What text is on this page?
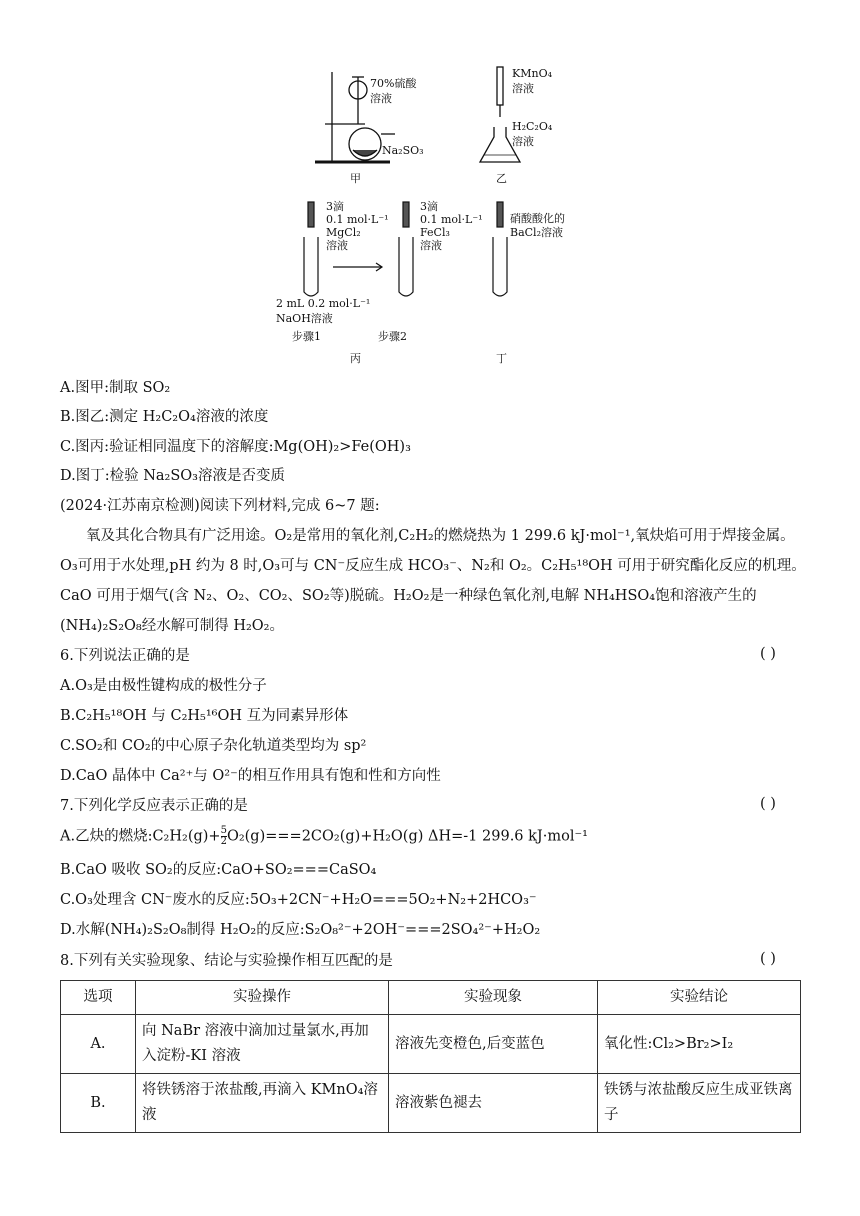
70%硫酸
溶液
Na₂SO₃
甲
KMnO₄
溶液
H₂C₂O₄
溶液
乙
3滴
0.1 mol·L⁻¹
MgCl₂
溶液
3滴
0.1 mol·L⁻¹
FeCl₃
溶液
2 mL 0.2 mol·L⁻¹
NaOH溶液
步骤1	步骤2
丙
硝酸酸化的
BaCl₂溶液
丁
A.图甲:制取 SO₂
B.图乙:测定 H₂C₂O₄溶液的浓度
C.图丙:验证相同温度下的溶解度:Mg(OH)₂>Fe(OH)₃
D.图丁:检验 Na₂SO₃溶液是否变质
(2024·江苏南京检测)阅读下列材料,完成 6~7 题:
氧及其化合物具有广泛用途。O₂是常用的氧化剂,C₂H₂的燃烧热为 1 299.6 kJ·mol⁻¹,氧炔焰可用于焊接金属。
O₃可用于水处理,pH 约为 8 时,O₃可与 CN⁻反应生成 HCO₃⁻、N₂和 O₂。C₂H₅¹⁸OH 可用于研究酯化反应的机理。
CaO 可用于烟气(含 N₂、O₂、CO₂、SO₂等)脱硫。H₂O₂是一种绿色氧化剂,电解 NH₄HSO₄饱和溶液产生的
(NH₄)₂S₂O₈经水解可制得 H₂O₂。
6.下列说法正确的是	( )
A.O₃是由极性键构成的极性分子
B.C₂H₅¹⁸OH 与 C₂H₅¹⁶OH 互为同素异形体
C.SO₂和 CO₂的中心原子杂化轨道类型均为 sp²
D.CaO 晶体中 Ca²⁺与 O²⁻的相互作用具有饱和性和方向性
7.下列化学反应表示正确的是	( )
A.乙炔的燃烧:C₂H₂(g)+ $\frac{5}{2} O_2(g)===2CO_2(g)+H_2O(g)$ ΔH=-1 299.6 kJ·mol⁻¹
B.CaO 吸收 SO₂的反应:CaO+SO₂===CaSO₄
C.O₃处理含 CN⁻废水的反应:5O₃+2CN⁻+H₂O===5O₂+N₂+2HCO₃⁻
D.水解(NH₄)₂S₂O₈制得 H₂O₂的反应:S₂O₈²⁻+2OH⁻===2SO₄²⁻+H₂O₂
8.下列有关实验现象、结论与实验操作相互匹配的是	( )
选项	实验操作	实验现象	实验结论
A.	向 NaBr 溶液中滴加过量氯水,再加入淀粉-KI 溶液	溶液先变橙色,后变蓝色	氧化性:Cl₂>Br₂>I₂
B.	将铁锈溶于浓盐酸,再滴入 KMnO₄溶液	溶液紫色褪去	铁锈与浓盐酸反应生成亚铁离子
